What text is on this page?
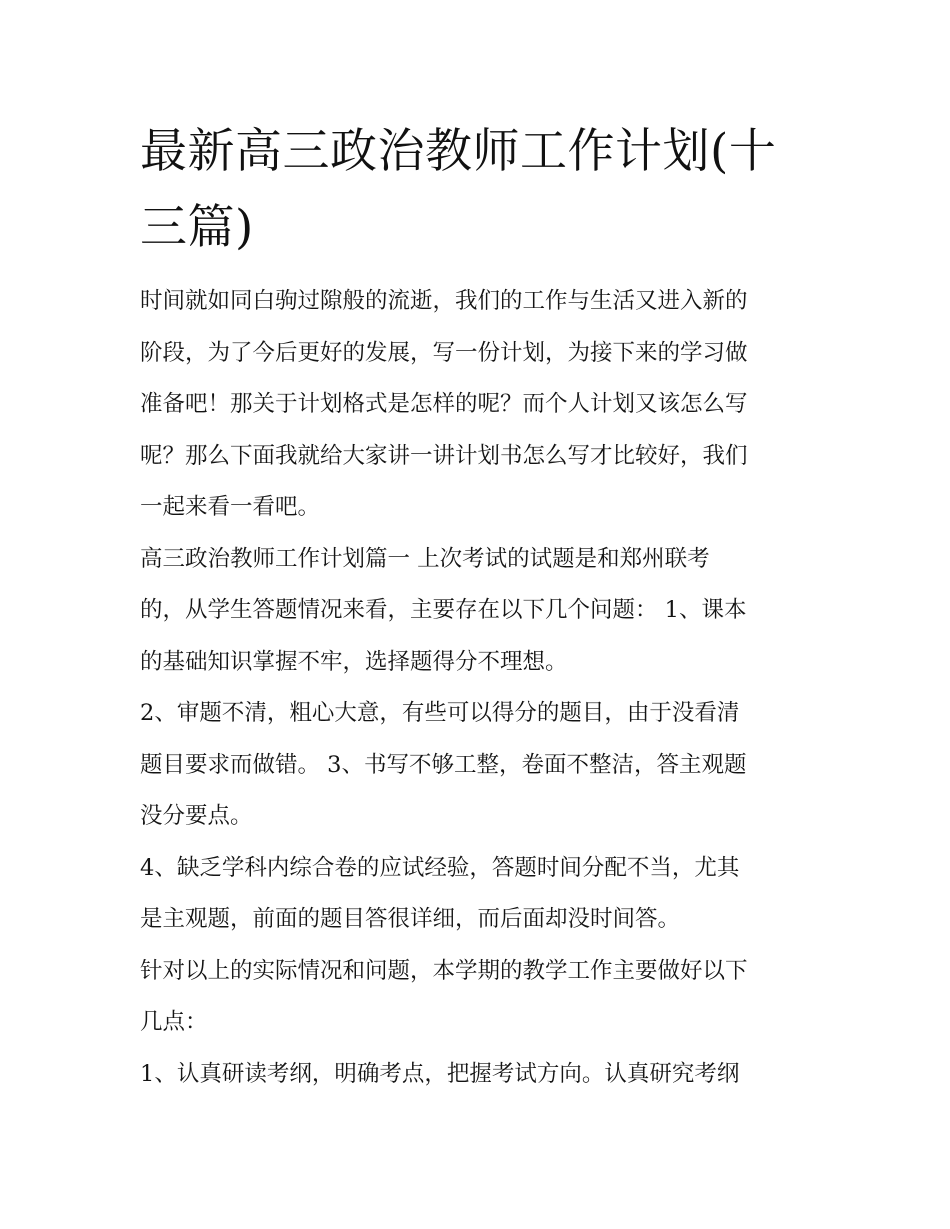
最新高三政治教师工作计划(十
三篇)
时间就如同白驹过隙般的流逝，我们的工作与生活又进入新的
阶段，为了今后更好的发展，写一份计划，为接下来的学习做
准备吧！那关于计划格式是怎样的呢？而个人计划又该怎么写
呢？那么下面我就给大家讲一讲计划书怎么写才比较好，我们
一起来看一看吧。
高三政治教师工作计划篇一 上次考试的试题是和郑州联考
的，从学生答题情况来看，主要存在以下几个问题： 1、课本
的基础知识掌握不牢，选择题得分不理想。
2、审题不清，粗心大意，有些可以得分的题目，由于没看清
题目要求而做错。 3、书写不够工整，卷面不整洁，答主观题
没分要点。
4、缺乏学科内综合卷的应试经验，答题时间分配不当，尤其
是主观题，前面的题目答很详细，而后面却没时间答。
针对以上的实际情况和问题，本学期的教学工作主要做好以下
几点：
1、认真研读考纲，明确考点，把握考试方向。认真研究考纲
